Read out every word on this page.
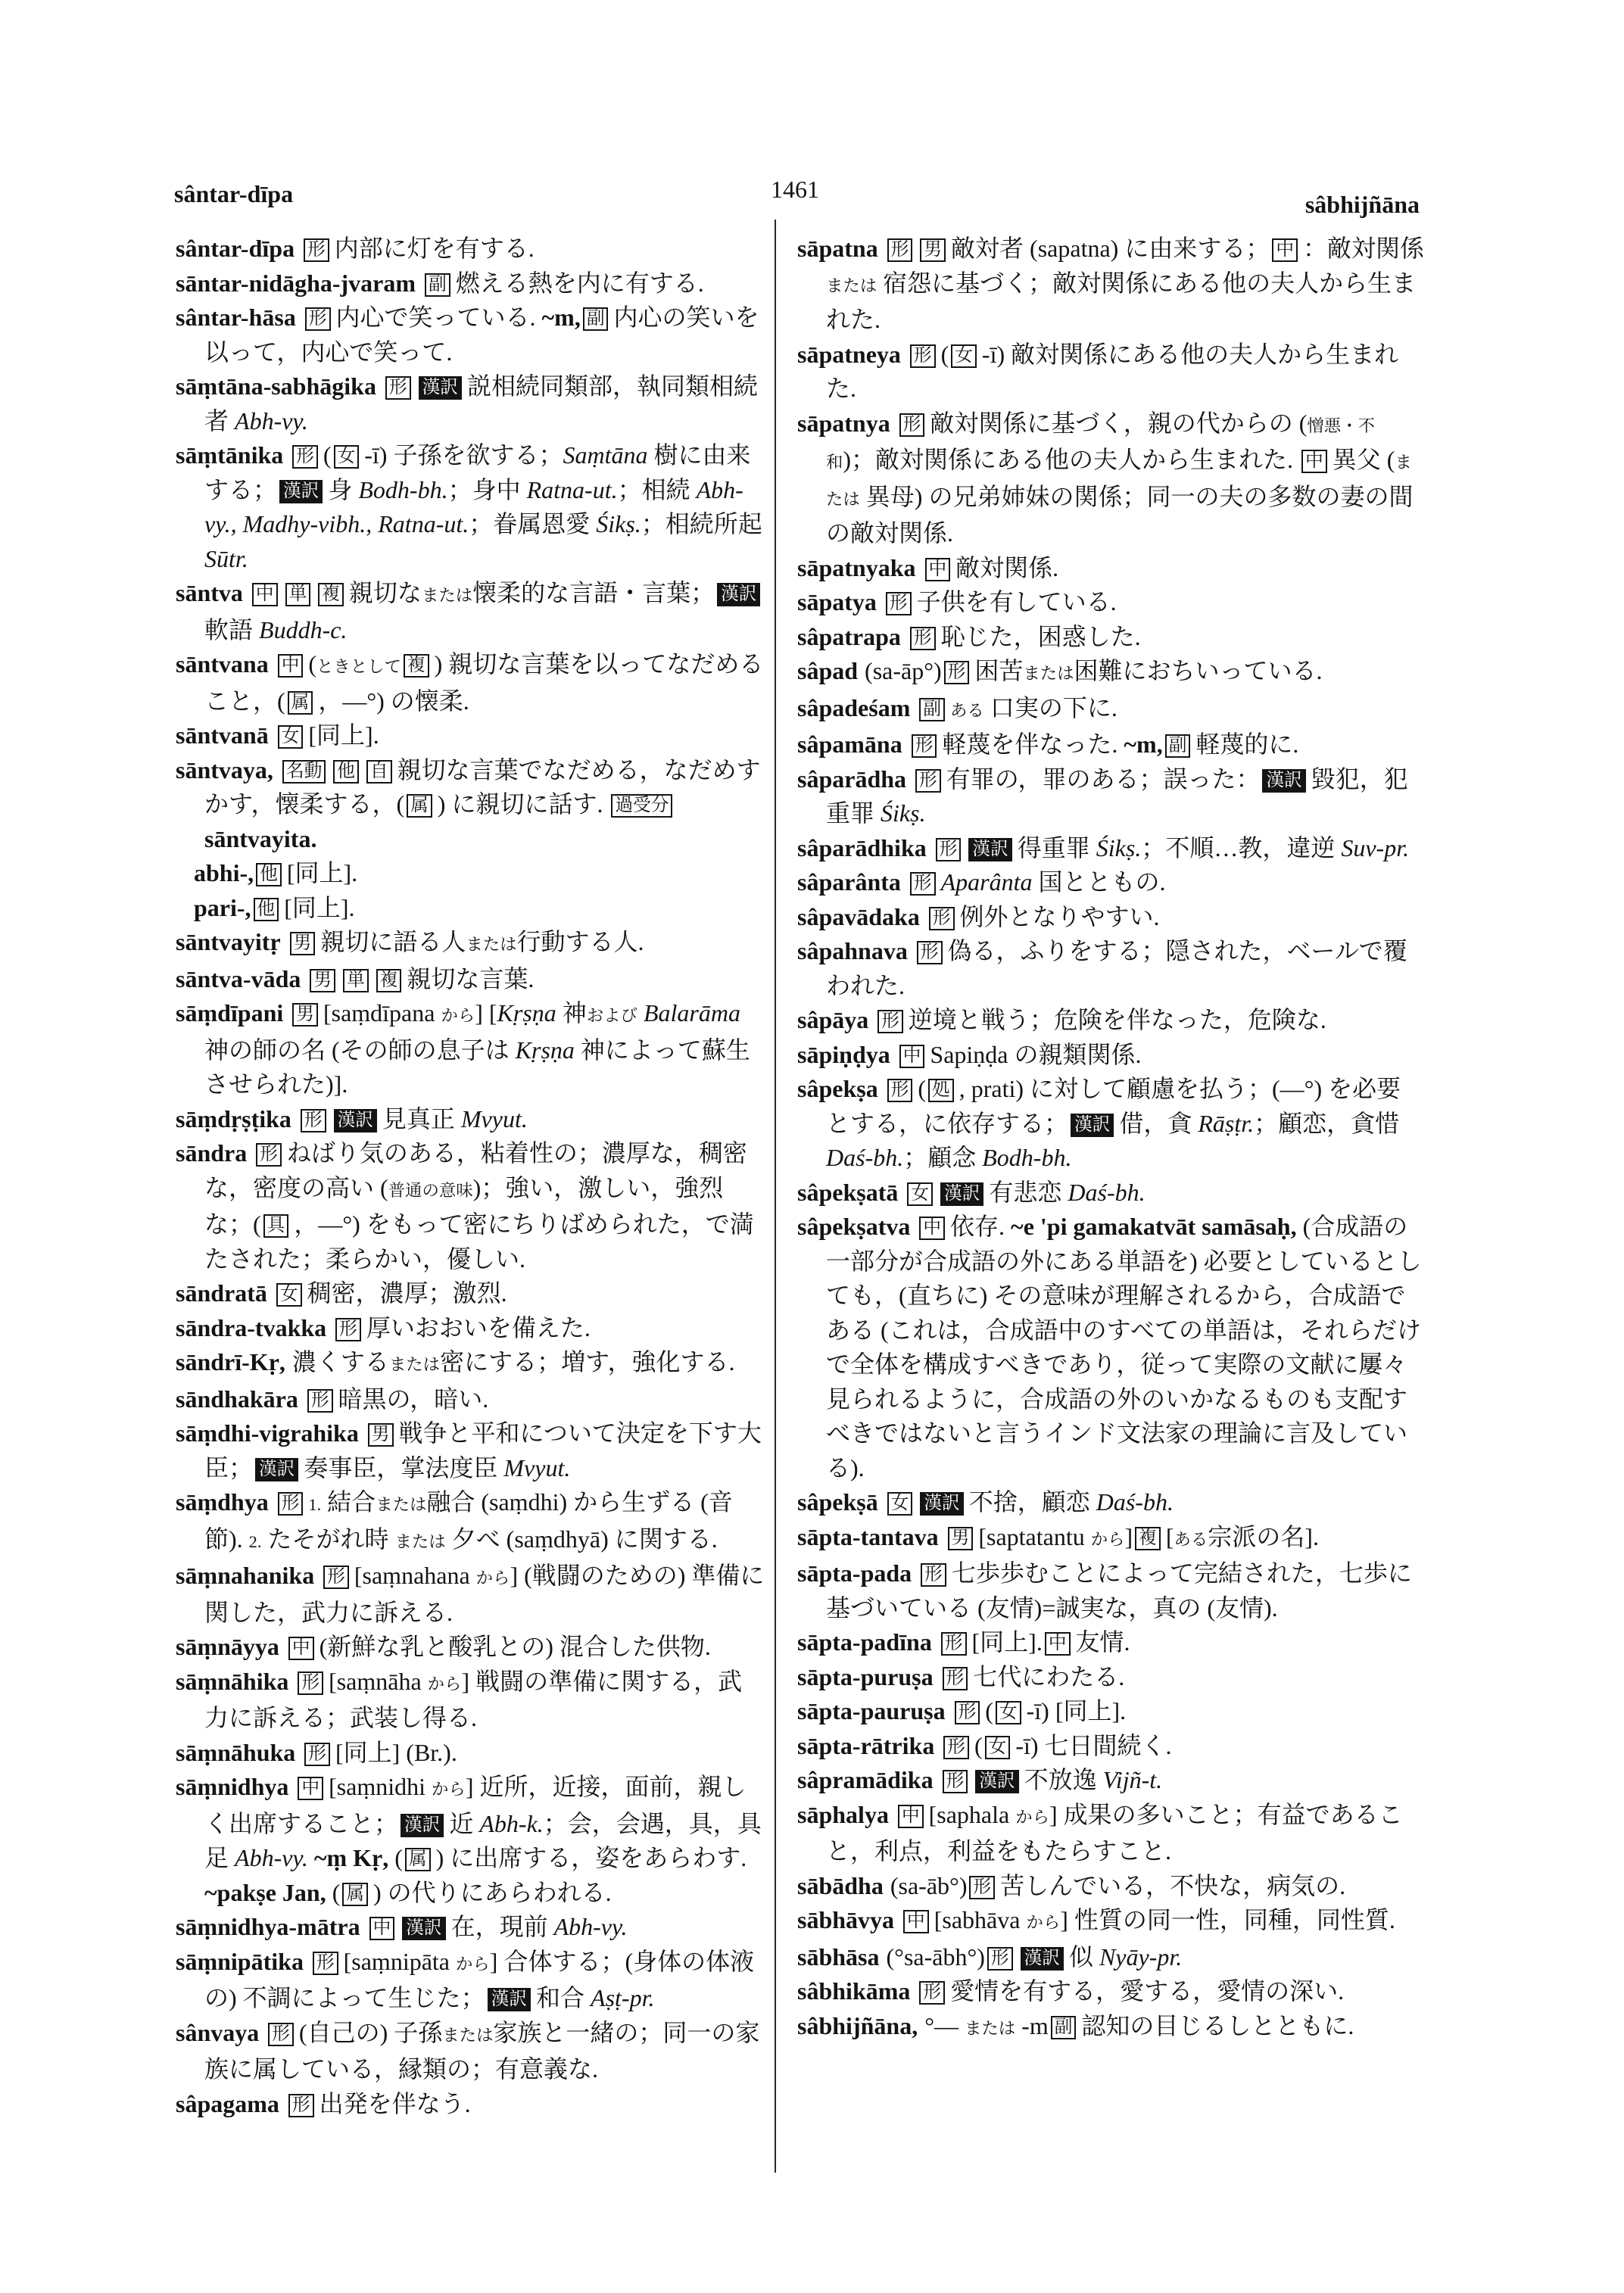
sântar-dīpa	1461
sâbhijñāna
sântar-dīpa 形 内部に灯を有する.
sāntar-nidāgha-jvaram 副 燃える熱を内に有する.
sântar-hāsa 形 内心で笑っている. ~m, 副 内心の笑いを以って，内心で笑って.
sāṃtāna-sabhāgika 形 漢訳 説相続同類部，執同類相続者 Abh-vy.
sāṃtānika 形 ( 女 -ī) 子孫を欲する；Saṃtāna 樹に由来する； 漢訳 身 Bodh-bh.；身中 Ratna-ut.；相続 Abh-vy., Madhy-vibh., Ratna-ut.；眷属恩愛 Śikṣ.；相続所起 Sūtr.
sāntva 中 単 複 親切なまたは懐柔的な言語・言葉； 漢訳軟語 Buddh-c.
sāntvana 中 (ときとして 複 ) 親切な言葉を以ってなだめること，( 属 ，—°) の懐柔.
sāntvanā 女 [同上].
sāntvaya, 名動 他 自 親切な言葉でなだめる，なだめすかす，懐柔する，( 属 ) に親切に話す. 過受分sāntvayita.
abhi-, 他 [同上].
pari-, 他 [同上].
sāntvayitṛ 男 親切に語る人または行動する人.
sāntva-vāda 男 単 複 親切な言葉.
sāṃdīpani 男 [saṃdīpana から] [Kṛṣṇa 神および Balarāma 神の師の名 (その師の息子は Kṛṣṇa 神によって蘇生させられた)].
sāṃdṛṣṭika 形 漢訳 見真正 Mvyut.
sāndra 形 ねばり気のある，粘着性の；濃厚な，稠密な，密度の高い (普通の意味)；強い，激しい，強烈な；( 具 ，—°) をもって密にちりばめられた，で満たされた；柔らかい，優しい.
sāndratā 女 稠密，濃厚；激烈.
sāndra-tvakka 形 厚いおおいを備えた.
sāndrī-Kṛ, 濃くするまたは密にする；増す，強化する.
sāndhakāra 形 暗黒の，暗い.
sāṃdhi-vigrahika 男 戦争と平和について決定を下す大臣； 漢訳 奏事臣，掌法度臣 Mvyut.
sāṃdhya 形 1. 結合または融合 (saṃdhi) から生ずる (音節). 2. たそがれ時 または 夕べ (saṃdhyā) に関する.
sāṃnahanika 形 [saṃnahana から] (戦闘のための) 準備に関した，武力に訴える.
sāṃnāyya 中 (新鮮な乳と酸乳との) 混合した供物.
sāṃnāhika 形 [saṃnāha から] 戦闘の準備に関する，武力に訴える；武装し得る.
sāṃnāhuka 形 [同上] (Br.).
sāṃnidhya 中 [saṃnidhi から] 近所，近接，面前，親しく出席すること； 漢訳 近 Abh-k.；会，会遇，具，具足 Abh-vy. ~ṃ Kṛ, ( 属 ) に出席する，姿をあらわす. ~pakṣe Jan, ( 属 ) の代りにあらわれる.
sāṃnidhya-mātra 中 漢訳 在，現前 Abh-vy.
sāṃnipātika 形 [saṃnipāta から] 合体する；(身体の体液の) 不調によって生じた； 漢訳 和合 Aṣṭ-pr.
sânvaya 形 (自己の) 子孫または家族と一緒の；同一の家族に属している，縁類の；有意義な.
sâpagama 形 出発を伴なう.
sāpatna 形 男 敵対者 (sapatna) に由来する； 中 ：敵対関係 または 宿怨に基づく；敵対関係にある他の夫人から生まれた.
sāpatneya 形 ( 女 -ī) 敵対関係にある他の夫人から生まれた.
sāpatnya 形 敵対関係に基づく，親の代からの (憎悪・不和)；敵対関係にある他の夫人から生まれた. 中 異父 (または 異母) の兄弟姉妹の関係；同一の夫の多数の妻の間の敵対関係.
sāpatnyaka 中 敵対関係.
sāpatya 形 子供を有している.
sâpatrapa 形 恥じた，困惑した.
sâpad (sa-āp°) 形 困苦または困難におちいっている.
sâpadeśam 副 ある 口実の下に.
sâpamāna 形 軽蔑を伴なった. ~m, 副 軽蔑的に.
sâparādha 形 有罪の，罪のある；誤った： 漢訳 毀犯，犯重罪 Śikṣ.
sâparādhika 形 漢訳 得重罪 Śikṣ.；不順…教，違逆 Suv-pr.
sâparânta 形 Aparânta 国とともの.
sâpavādaka 形 例外となりやすい.
sâpahnava 形 偽る，ふりをする；隠された，ベールで覆われた.
sâpāya 形 逆境と戦う；危険を伴なった，危険な.
sāpiṇḍya 中 Sapiṇḍa の親類関係.
sâpekṣa 形 ( 処 , prati) に対して顧慮を払う；(—°) を必要とする，に依存する； 漢訳 借，貪 Rāṣṭr.；顧恋，貪惜 Daś-bh.；顧念 Bodh-bh.
sâpekṣatā 女 漢訳 有悲恋 Daś-bh.
sâpekṣatva 中 依存. ~e 'pi gamakatvāt samāsaḥ, (合成語の一部分が合成語の外にある単語を) 必要としているとしても，(直ちに) その意味が理解されるから，合成語である (これは，合成語中のすべての単語は，それらだけで全体を構成すべきであり，従って実際の文献に屢々見られるように，合成語の外のいかなるものも支配すべきではないと言うインド文法家の理論に言及している).
sâpekṣā 女 漢訳 不捨，顧恋 Daś-bh.
sāpta-tantava 男 [saptatantu から] 複 [ある宗派の名].
sāpta-pada 形 七歩歩むことによって完結された，七歩に基づいている (友情)=誠実な，真の (友情).
sāpta-padīna 形 [同上]. 中 友情.
sāpta-puruṣa 形 七代にわたる.
sāpta-pauruṣa 形 ( 女 -ī) [同上].
sāpta-rātrika 形 ( 女 -ī) 七日間続く.
sâpramādika 形 漢訳 不放逸 Vijñ-t.
sāphalya 中 [saphala から] 成果の多いこと；有益であること，利点，利益をもたらすこと.
sābādha (sa-āb°) 形 苦しんでいる，不快な，病気の.
sābhāvya 中 [sabhāva から] 性質の同一性，同種，同性質.
sābhāsa (°sa-ābh°) 形 漢訳 似 Nyāy-pr.
sâbhikāma 形 愛情を有する，愛する，愛情の深い.
sâbhijñāna, °— または -m 副 認知の目じるしとともに.
